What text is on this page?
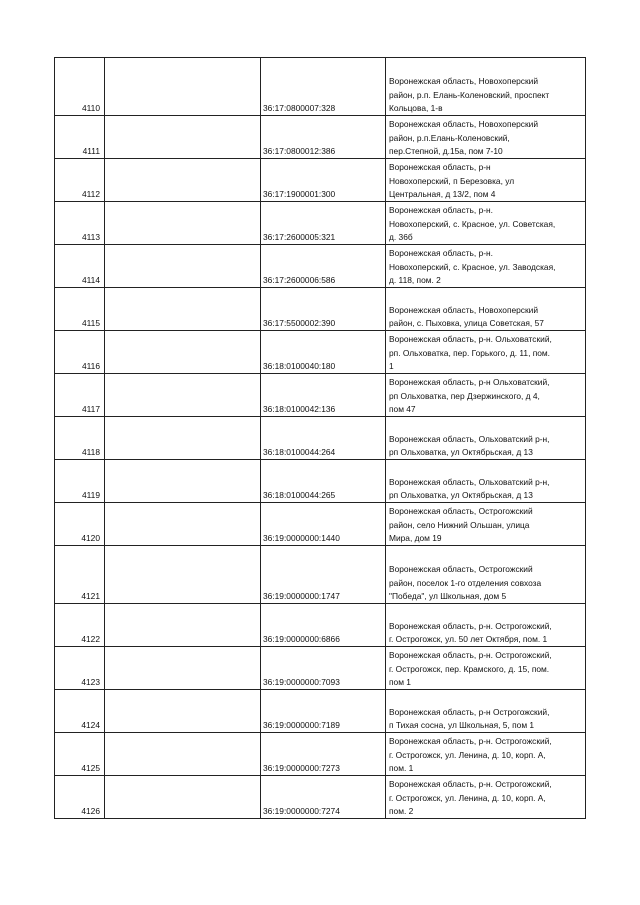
4110		36:17:0800007:328	Воронежская область, Новохоперский
район, р.п. Елань-Коленовский, проспект
Кольцова, 1-в

4111		36:17:0800012:386	Воронежская область, Новохоперский
район, р.п.Елань-Коленовский,
пер.Степной, д.15а, пом 7-10

4112		36:17:1900001:300	Воронежская область, р-н
Новохоперский, п Березовка, ул
Центральная, д 13/2, пом 4

4113		36:17:2600005:321	Воронежская область, р-н.
Новохоперский, с. Красное, ул. Советская,
д. 36б

4114		36:17:2600006:586	Воронежская область, р-н.
Новохоперский, с. Красное, ул. Заводская,
д. 118, пом. 2

4115		36:17:5500002:390	Воронежская область, Новохоперский
район, с. Пыховка, улица Советская, 57

4116		36:18:0100040:180	Воронежская область, р-н. Ольховатский,
рп. Ольховатка, пер. Горького, д. 11, пом.
1

4117		36:18:0100042:136	Воронежская область, р-н Ольховатский,
рп Ольховатка, пер Дзержинского, д 4,
пом 47

4118		36:18:0100044:264	Воронежская область, Ольховатский р-н,
рп Ольховатка, ул Октябрьская, д 13

4119		36:18:0100044:265	Воронежская область, Ольховатский р-н,
рп Ольховатка, ул Октябрьская, д 13

4120		36:19:0000000:1440	Воронежская область, Острогожский
район, село Нижний Ольшан, улица
Мира, дом 19

4121		36:19:0000000:1747	Воронежская область, Острогожский
район, поселок 1-го отделения совхоза
"Победа", ул Школьная, дом 5

4122		36:19:0000000:6866	Воронежская область, р-н. Острогожский,
г. Острогожск, ул. 50 лет Октября, пом. 1

4123		36:19:0000000:7093	Воронежская область, р-н. Острогожский,
г. Острогожск, пер. Крамского, д. 15, пом.
пом 1

4124		36:19:0000000:7189	Воронежская область, р-н Острогожский,
п Тихая сосна, ул Школьная, 5, пом 1

4125		36:19:0000000:7273	Воронежская область, р-н. Острогожский,
г. Острогожск, ул. Ленина, д. 10, корп. А,
пом. 1

4126		36:19:0000000:7274	Воронежская область, р-н. Острогожский,
г. Острогожск, ул. Ленина, д. 10, корп. А,
пом. 2
